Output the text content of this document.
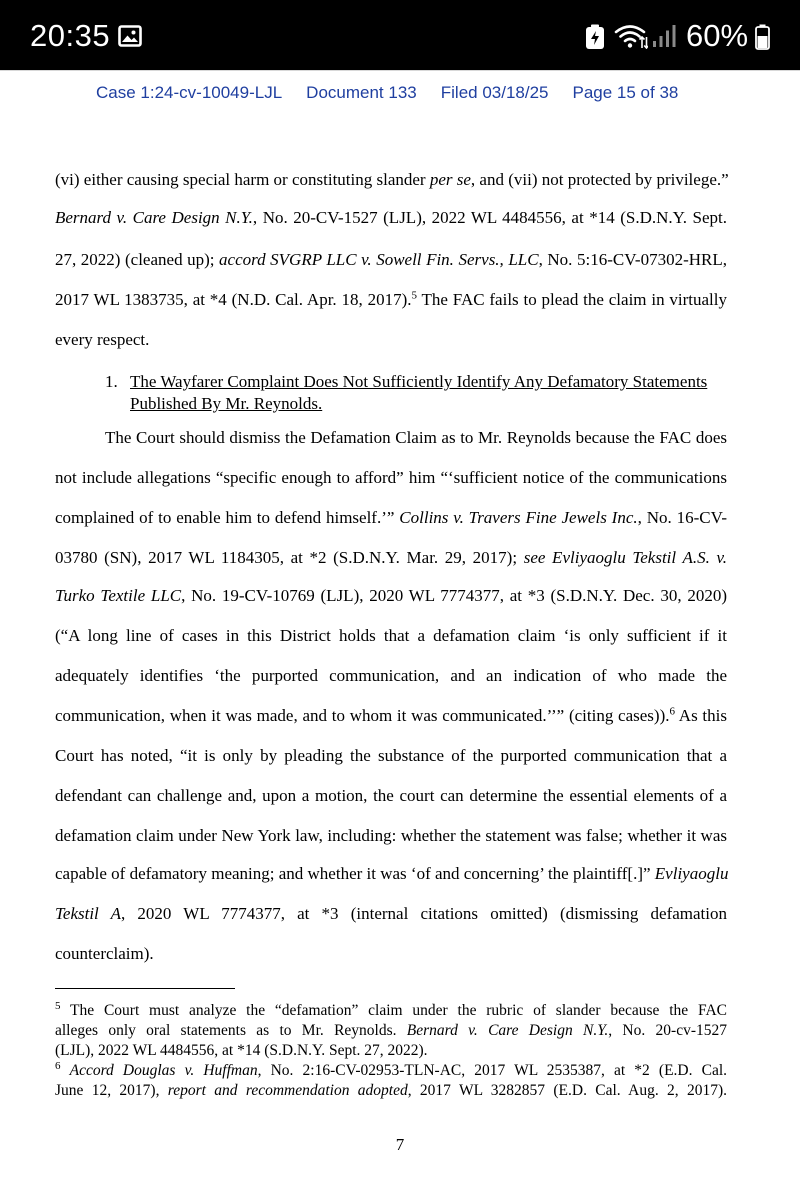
20:35	60%
Case 1:24-cv-10049-LJL Document 133 Filed 03/18/25 Page 15 of 38
(vi) either causing special harm or constituting slander per se, and (vii) not protected by privilege.”
Bernard v. Care Design N.Y., No. 20-CV-1527 (LJL), 2022 WL 4484556, at *14 (S.D.N.Y. Sept.
27, 2022) (cleaned up); accord SVGRP LLC v. Sowell Fin. Servs., LLC, No. 5:16-CV-07302-HRL,
2017 WL 1383735, at *4 (N.D. Cal. Apr. 18, 2017).$^5$ The FAC fails to plead the claim in virtually
every respect.
1. The Wayfarer Complaint Does Not Sufficiently Identify Any Defamatory Statements
Published By Mr. Reynolds.
The Court should dismiss the Defamation Claim as to Mr. Reynolds because the FAC does
not include allegations “specific enough to afford” him “‘sufficient notice of the communications
complained of to enable him to defend himself.’” Collins v. Travers Fine Jewels Inc., No. 16-CV-
03780 (SN), 2017 WL 1184305, at *2 (S.D.N.Y. Mar. 29, 2017); see Evliyaoglu Tekstil A.S. v.
Turko Textile LLC, No. 19-CV-10769 (LJL), 2020 WL 7774377, at *3 (S.D.N.Y. Dec. 30, 2020)
(“A long line of cases in this District holds that a defamation claim ‘is only sufficient if it
adequately identifies ‘the purported communication, and an indication of who made the
communication, when it was made, and to whom it was communicated.’’” (citing cases)).$^6$ As this
Court has noted, “it is only by pleading the substance of the purported communication that a
defendant can challenge and, upon a motion, the court can determine the essential elements of a
defamation claim under New York law, including: whether the statement was false; whether it was
capable of defamatory meaning; and whether it was ‘of and concerning’ the plaintiff[.]” Evliyaoglu
Tekstil A, 2020 WL 7774377, at *3 (internal citations omitted) (dismissing defamation
counterclaim).
$^5$ The Court must analyze the “defamation” claim under the rubric of slander because the FAC
alleges only oral statements as to Mr. Reynolds. Bernard v. Care Design N.Y., No. 20-cv-1527
(LJL), 2022 WL 4484556, at *14 (S.D.N.Y. Sept. 27, 2022).
$^6$ Accord Douglas v. Huffman, No. 2:16-CV-02953-TLN-AC, 2017 WL 2535387, at *2 (E.D. Cal.
June 12, 2017), report and recommendation adopted, 2017 WL 3282857 (E.D. Cal. Aug. 2, 2017).
7
